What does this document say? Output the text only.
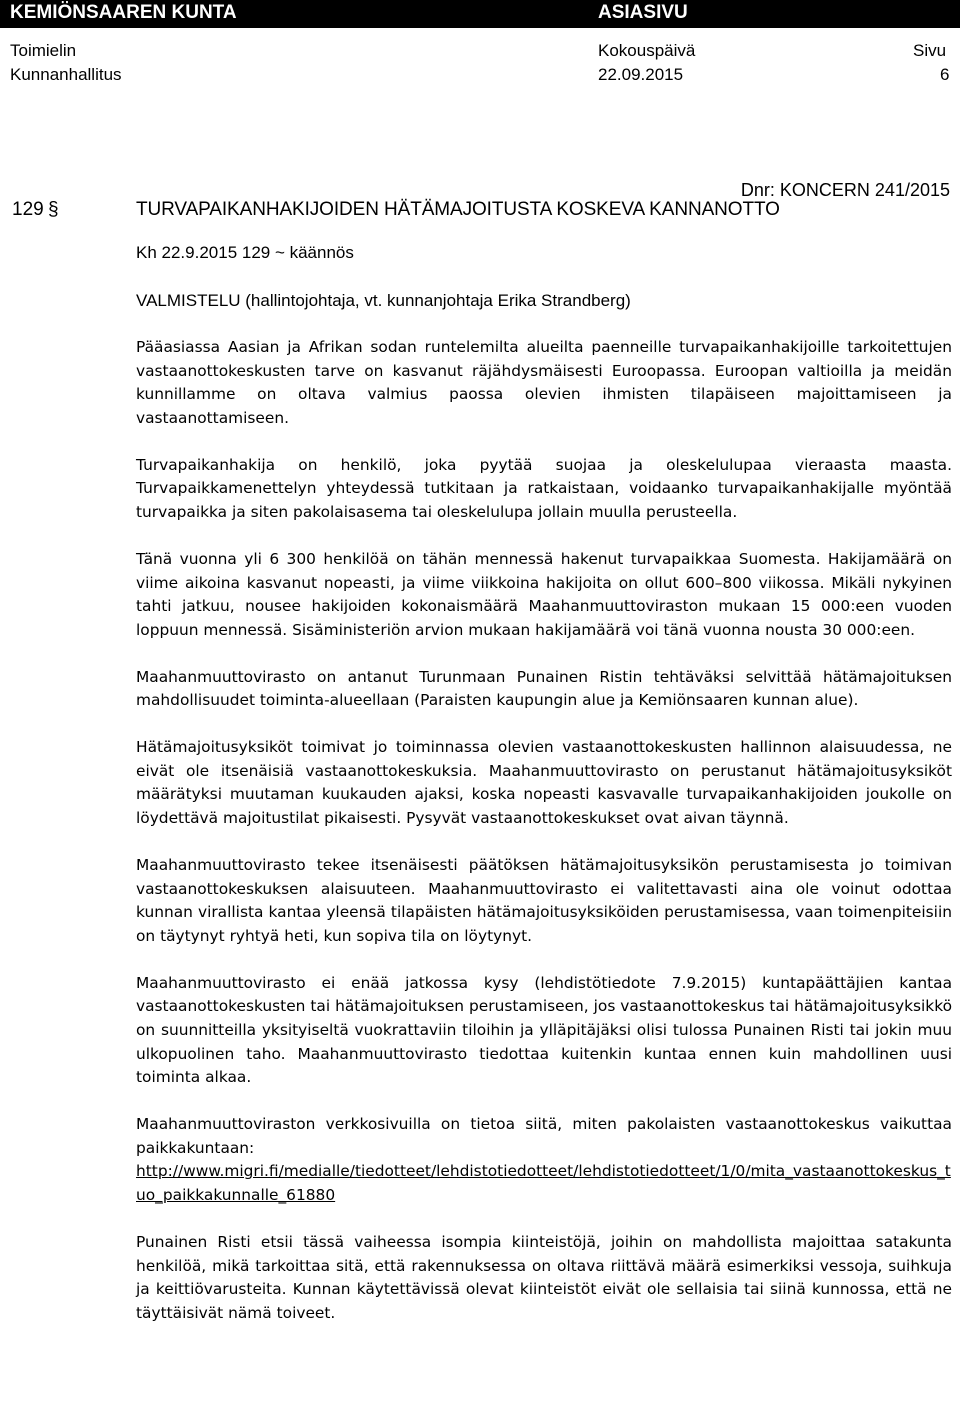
KEMIÖNSAAREN KUNTA	ASIASIVU
Toimielin	Kokouspäivä	Sivu
Kunnanhallitus	22.09.2015	6
Dnr: KONCERN 241/2015
129 §	TURVAPAIKANHAKIJOIDEN HÄTÄMAJOITUSTA KOSKEVA KANNANOTTO
Kh 22.9.2015 129 ~ käännös
VALMISTELU (hallintojohtaja, vt. kunnanjohtaja Erika Strandberg)

Pääasiassa Aasian ja Afrikan sodan runtelemilta alueilta paenneille turvapaikanhakijoille tarkoitettujen vastaanottokeskusten tarve on kasvanut räjähdysmäisesti Euroopassa. Euroopan valtioilla ja meidän kunnillamme on oltava valmius paossa olevien ihmisten tilapäiseen majoittamiseen ja vastaanottamiseen.

Turvapaikanhakija on henkilö, joka pyytää suojaa ja oleskelulupaa vieraasta maasta. Turvapaikkamenettelyn yhteydessä tutkitaan ja ratkaistaan, voidaanko turvapaikanhakijalle myöntää turvapaikka ja siten pakolaisasema tai oleskelulupa jollain muulla perusteella.

Tänä vuonna yli 6 300 henkilöä on tähän mennessä hakenut turvapaikkaa Suomesta. Hakijamäärä on viime aikoina kasvanut nopeasti, ja viime viikkoina hakijoita on ollut 600–800 viikossa. Mikäli nykyinen tahti jatkuu, nousee hakijoiden kokonaismäärä Maahanmuuttoviraston mukaan 15 000:een vuoden loppuun mennessä. Sisäministeriön arvion mukaan hakijamäärä voi tänä vuonna nousta 30 000:een.

Maahanmuuttovirasto on antanut Turunmaan Punainen Ristin tehtäväksi selvittää hätämajoituksen mahdollisuudet toiminta-alueellaan (Paraisten kaupungin alue ja Kemiönsaaren kunnan alue).

Hätämajoitusyksiköt toimivat jo toiminnassa olevien vastaanottokeskusten hallinnon alaisuudessa, ne eivät ole itsenäisiä vastaanottokeskuksia. Maahanmuuttovirasto on perustanut hätämajoitusyksiköt määrätyksi muutaman kuukauden ajaksi, koska nopeasti kasvavalle turvapaikanhakijoiden joukolle on löydettävä majoitustilat pikaisesti. Pysyvät vastaanottokeskukset ovat aivan täynnä.

Maahanmuuttovirasto tekee itsenäisesti päätöksen hätämajoitusyksikön perustamisesta jo toimivan vastaanottokeskuksen alaisuuteen. Maahanmuuttovirasto ei valitettavasti aina ole voinut odottaa kunnan virallista kantaa yleensä tilapäisten hätämajoitusyksiköiden perustamisessa, vaan toimenpiteisiin on täytynyt ryhtyä heti, kun sopiva tila on löytynyt.

Maahanmuuttovirasto ei enää jatkossa kysy (lehdistötiedote 7.9.2015) kuntapäättäjien kantaa vastaanottokeskusten tai hätämajoituksen perustamiseen, jos vastaanottokeskus tai hätämajoitusyksikkö on suunnitteilla yksityiseltä vuokrattaviin tiloihin ja ylläpitäjäksi olisi tulossa Punainen Risti tai jokin muu ulkopuolinen taho. Maahanmuuttovirasto tiedottaa kuitenkin kuntaa ennen kuin mahdollinen uusi toiminta alkaa.

Maahanmuuttoviraston verkkosivuilla on tietoa siitä, miten pakolaisten vastaanottokeskus vaikuttaa paikkakuntaan:

http://www.migri.fi/medialle/tiedotteet/lehdistotiedotteet/lehdistotiedotteet/1/0/mita_vastaanottokeskus_tuo_paikkakunnalle_61880

Punainen Risti etsii tässä vaiheessa isompia kiinteistöjä, joihin on mahdollista majoittaa satakunta henkilöä, mikä tarkoittaa sitä, että rakennuksessa on oltava riittävä määrä esimerkiksi vessoja, suihkuja ja keittiövarusteita. Kunnan käytettävissä olevat kiinteistöt eivät ole sellaisia tai siinä kunnossa, että ne täyttäisivät nämä toiveet.
